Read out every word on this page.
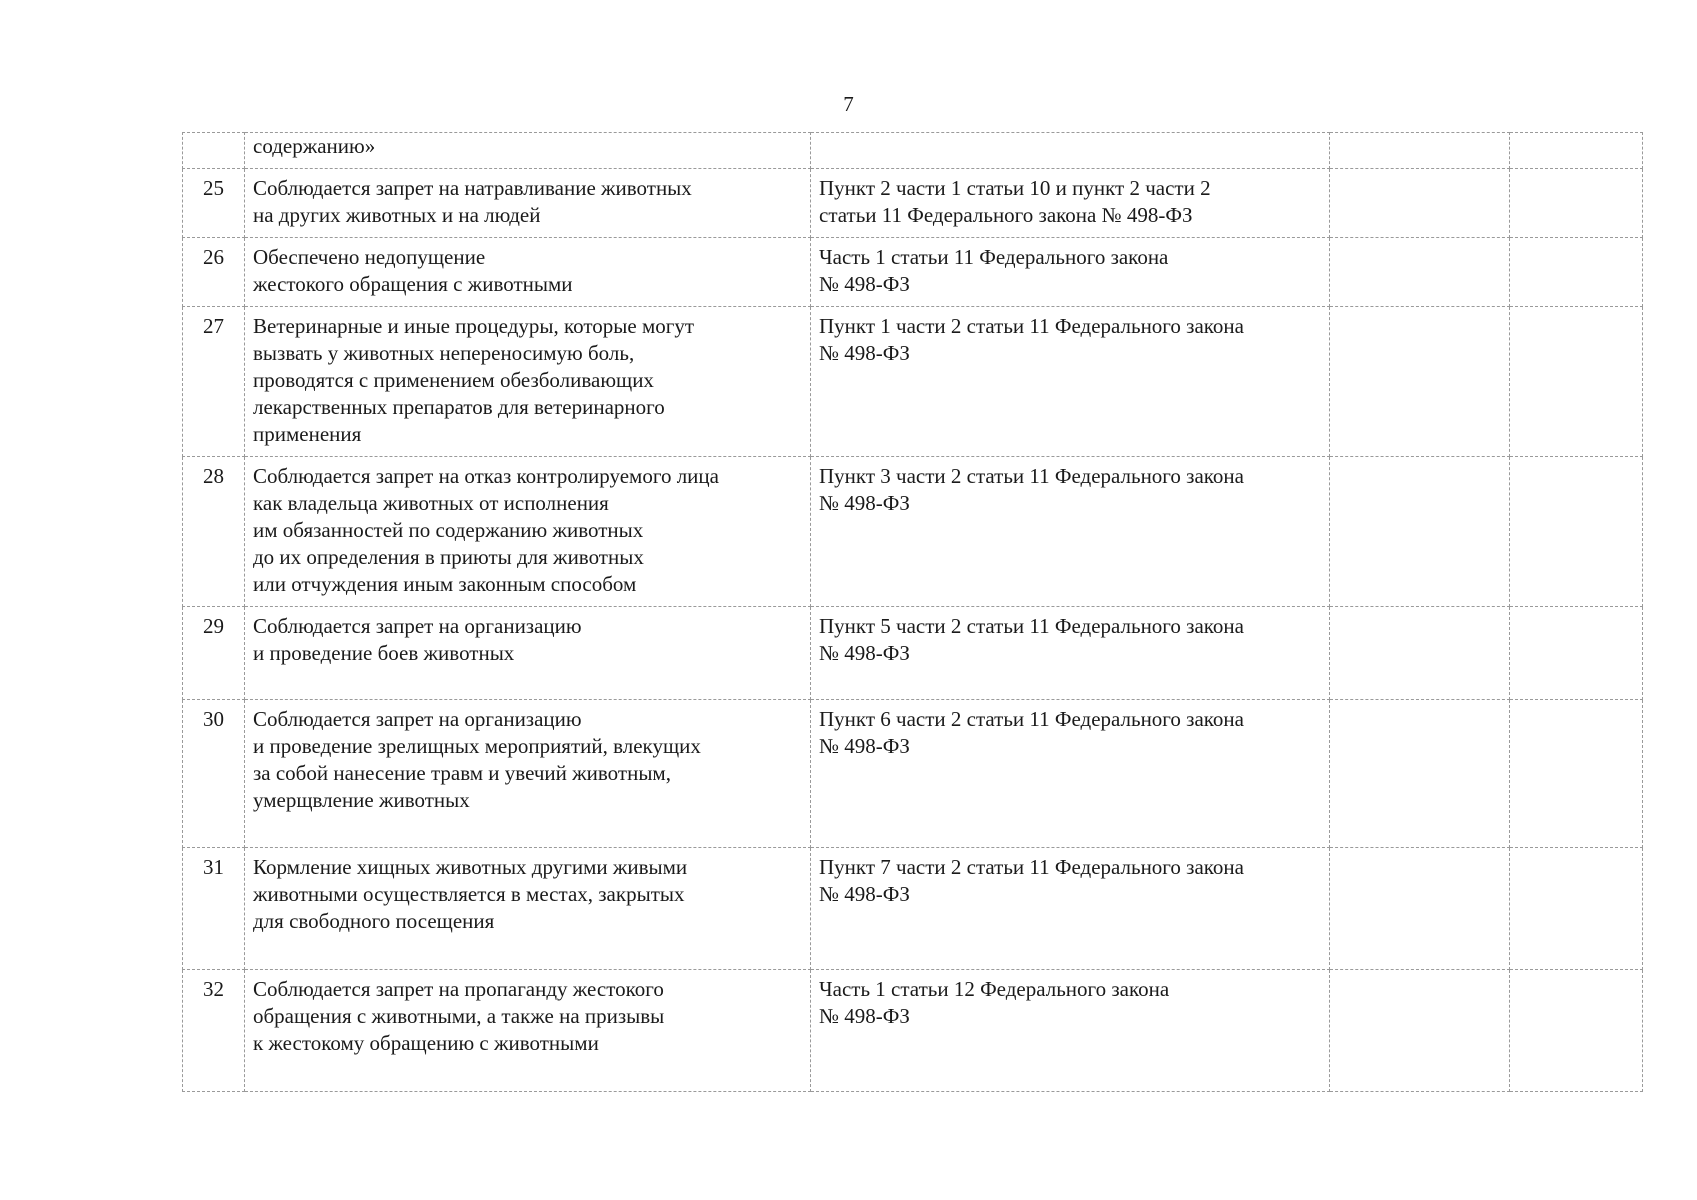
7

	содержанию»			

25	Соблюдается запрет на натравливание животных
на других животных и на людей	Пункт 2 части 1 статьи 10 и пункт 2 части 2
статьи 11 Федерального закона № 498-ФЗ		

26	Обеспечено недопущение
жестокого обращения с животными	Часть 1 статьи 11 Федерального закона
№ 498-ФЗ		

27	Ветеринарные и иные процедуры, которые могут
вызвать у животных непереносимую боль,
проводятся с применением обезболивающих
лекарственных препаратов для ветеринарного
применения	Пункт 1 части 2 статьи 11 Федерального закона
№ 498-ФЗ		

28	Соблюдается запрет на отказ контролируемого лица
как владельца животных от исполнения
им обязанностей по содержанию животных
до их определения в приюты для животных
или отчуждения иным законным способом	Пункт 3 части 2 статьи 11 Федерального закона
№ 498-ФЗ		

29	Соблюдается запрет на организацию
и проведение боев животных	Пункт 5 части 2 статьи 11 Федерального закона
№ 498-ФЗ		

30	Соблюдается запрет на организацию
и проведение зрелищных мероприятий, влекущих
за собой нанесение травм и увечий животным,
умерщвление животных	Пункт 6 части 2 статьи 11 Федерального закона
№ 498-ФЗ		

31	Кормление хищных животных другими живыми
животными осуществляется в местах, закрытых
для свободного посещения	Пункт 7 части 2 статьи 11 Федерального закона
№ 498-ФЗ		

32	Соблюдается запрет на пропаганду жестокого
обращения с животными, а также на призывы
к жестокому обращению с животными	Часть 1 статьи 12 Федерального закона
№ 498-ФЗ		
